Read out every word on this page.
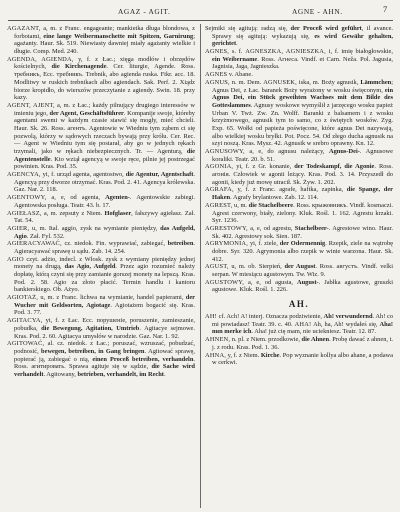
AGAZ - AGIT.	AGNE - AHN.	7

AGAZANT, a, m. z Franc. engageante; mankietka długa blondowa, z forbotami, eine lange Weibermanschette mit Spitzen, Garnirung; agażanty. Haur. Sk. 519. Niewiasty dawniej miały agażanty wielkie i długie. Comp. Med. 240.

AGENDA, AGIENDA, y, f. z Łac.; xięga modłów i obrzędów kościelnych, die Kirchenagende. Cer. liturgie, Agende. Ross. требникъ, Ecc. требникъ. Trebnik, abo agienda ruska. Fikr. acc. 18. Modlitwy w ruskich trebnikach albo agiendach. Sak. Perf. 2. Xiądz biorze kropidło, do wierszów przeczytanie z agiendy. Swin. 18. przy kazy.

AGENT, AJENT, a, m. z Łac.; każdy pilnujący drugiego interessów w imieniu jego, der Agent, Geschäftsführer. Kompanije swoje, któreby agentami swemi w każdym czasie stawić się mogły, mieć chcieli. Haur. Sk. 26. Ross. агентъ. Agentowie w Wiedniu tym ząbem ci się pozwolą, którzy w sądowych rzeczach bywają przy królu. Cer. Rec. — Agent w Wiedniu tym się postarał, aby go w jednych rękach trzymali, jako w rękach niebezpiecznych. Tr. — Agenturą, die Agentenstelle. Kto wziął agencyą w swoje ręce, pilnie jej postrzegać powinien. Kras. Pod. 35.

AGENCYA, yi, f. urząd agenta, agentostwo, die Agentur, Agentschaft. Agencyą przy dworze otrzymać. Kras. Pod. 2. 41. Agencya królewska. Gaz. Nar. 2. 118.

AGENTOWY, a, e, od agenta, Agenten-. Agentowskie zabiegi. Agentowska posługa. Teatr. 43. b. 17.

AGIEŁASZ, a, m. zepsuty z Niem. Hofglaser, fałszywy agiełasz. Zał. Tat. 54.

AGIER, u, m. Ital. aggio, zysk na wymianie pieniędzy, das Aufgeld, Agio. Zał. Fyl. 532.

AGIERACYAWAĆ, cz. niedok. Fin. wyprawiać, zabiegać, betreiben. Agieracyawać sprawę u sądu. Zab. 14. 254.

AGIO czyt. adżio, indecl. z Włosk. zysk z wymiany pieniędzy jednej monety na drugą, das Agio, Aufgeld. Przez agio rozumieć należy dopłatę, którą czyni się przy zamianie gorszej monety na lepszą. Kras. Pod. 2. 58. Agio za złoto płacić. Termin handlu i kantoru bankierskiego. Ob. Ażyo.

AGIOTAŻ, u, m. z Franc. lichwa na wymianie, handel papierami, der Wucher mit Geldsorten, Agiotage. Agiotażem bogacić się. Kras. Pod. 3. 77.

AGITACYA, yi, f. z Łac. Ecc. порушеніе, poruszenie, zamieszanie, pobudka, die Bewegung, Agitation, Umtrieb. Agitacye sejmowe. Kras. Pod. 2. 60. Agitacya umysłów w narodzie. Gaz. Nar. 1. 92.

AGITOWAĆ, al. cz. niedok. z Łac.; poruszać, wzruszać, pobudzać, podnosić, bewegen, betreiben, in Gang bringen. Agitować sprawę, popierać ją, zabiegać o nią, einen Proceß betreiben, verhandeln. Ross. агитировать. Sprawa agituje się w sądzie, die Sache wird verhandelt. Agitowany, betrieben, verhandelt, im Recht.

Sejmiki się agitują: radzą się, der Proceß wird geführt, il avance. Sprawy się agitują: wykazują się, es wird Gewähr gehalten, gerichtet.

AGNES, s. f. AGNESZKA, AGNIESZKA, i, f. imię białogłowskie, ein Weibername. Ross. Агнеса. Vindf. et Carn. Neža. Pol. Jagusia, Jagnisia, Jaga, Jagnieszka.

AGNES v. Abane.

AGNUS, n. m. Dem. AGNUSEK, iska, m. Boży agnusik, Lämmchen; Agnus Dei, z Łac. baranek Boży wyrażony w wosku święconym, ein Agnus Dei, ein Stück geweihten Wachses mit dem Bilde des Gotteslammes. Agnusy woskowe wymyślił z jarzęcego wosku papież Urban V. Twż. Zw. Zn. Wolff. Baranki z balsamem i z wosku krzyżmowego, agnusik tym to samo, co z świętych wosków. Zyg. Exp. 65. Wołki od papieża poświęcone, które agnus Dei nazywają, albo wielkiej wosku bryłki. Pot. Pocz. 54. Od złego ducha agnusik na szyi noszą. Kras. Mysz. 42. Agnusik w srebro oprawny. Kn. 12.

AGNUSOWY, a, e, do agnusu należący, Agnus-Dei-. Agnusowe koraliki. Teatr. 20. b. 51.

AGONIA, yi, f. z Gr. konanie, der Todeskampf, die Agonie. Ross. агонія. Człowiek w agonii leżący. Kras. Pod. 3. 14. Przyszedł do agonii, kiedy już mowę utracił. Sk. Żyw. 1. 202.

AGRAFA, y, f. z Franc. agrafe, haftka, zapinka, die Spange, der Haken. Agrafy brylantowe. Zab. 12. 114.

AGREST, u, m. die Stachelbeere. Ross. крыжовникъ. Vindf. kosmaczi. Agrest czerwony, biały, zielony. Kluk. Rośl. 1. 162. Agrestu krzaki. Syr. 1236.

AGRESTOWY, a, e, od agrestu, Stachelbeer-. Agrestowe wino. Haur. Sk. 402. Agrestowy sok. Sien. 187.

AGRYMONIA, yi, f. ziele, der Odermennig. Rzepik, ziele na wątrobę dobre. Syr. 320. Agrymonia albo rzepik w winie warzona. Haur. Sk. 412.

AGUST, u, m. ob. Sierpień, der August. Ross. августъ. Vindf. velki serpan. W miesiącu agustowym. Tw. Wiz. 9.

AGUSTOWY, a, e, od agusta, August-. Jabłka agustowe, gruszki agustowe. Kluk. Rośl. 1. 226.

AH.

AH! cf. Ach! A! interj. Oznacza podziwienie, Ah! verwundernd. Ah! co mi powiadasz! Teatr. 39. c. 40. AHA! Ah, ha, Ah! wydałeś się, Aha! nun merke ich. Aha! już cię mam, nie uciekniesz. Teatr. 12. 87.

AHNEN, n. pl. z Niem. przodkowie, die Ahnen. Probę dawać z ahnen, t. j. z rodu. Kras. Pod. 1. 36.

AHNA, y, f. z Niem. Kirche. Pop wyznanie kollya albo ahane, a podawa w cerkwi.
